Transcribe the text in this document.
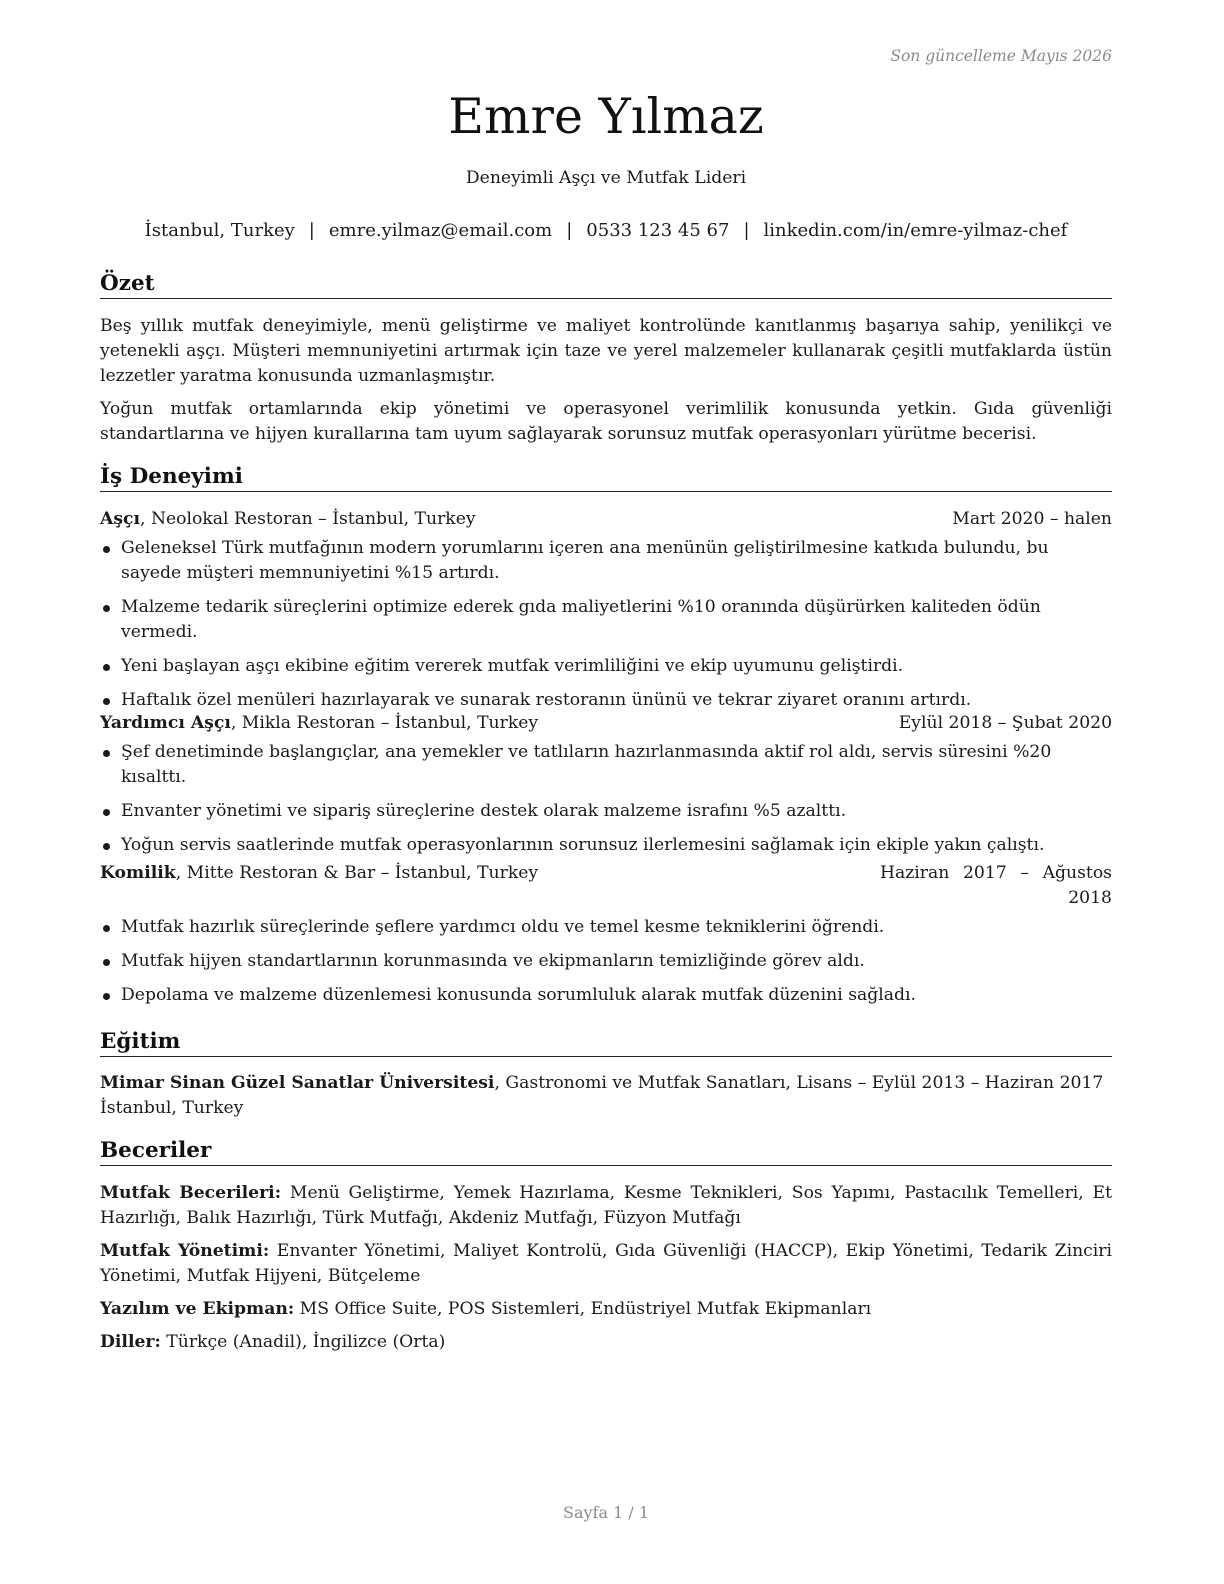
Son güncelleme Mayıs 2026
Emre Yılmaz
Deneyimli Aşçı ve Mutfak Lideri
İstanbul, Turkey | emre.yilmaz@email.com | 0533 123 45 67 | linkedin.com/in/emre-yilmaz-chef
Özet

Beş yıllık mutfak deneyimiyle, menü geliştirme ve maliyet kontrolünde kanıtlanmış başarıya sahip, yenilikçi ve yetenekli aşçı. Müşteri memnuniyetini artırmak için taze ve yerel malzemeler kullanarak çeşitli mutfaklarda üstün lezzetler yaratma konusunda uzmanlaşmıştır.

Yoğun mutfak ortamlarında ekip yönetimi ve operasyonel verimlilik konusunda yetkin. Gıda güvenliği standartlarına ve hijyen kurallarına tam uyum sağlayarak sorunsuz mutfak operasyonları yürütme becerisi.

İş Deneyimi
Aşçı, Neolokal Restoran – İstanbul, Turkey	Mart 2020 – halen
Geleneksel Türk mutfağının modern yorumlarını içeren ana menünün geliştirilmesine katkıda bulundu, bu sayede müşteri memnuniyetini %15 artırdı.
Malzeme tedarik süreçlerini optimize ederek gıda maliyetlerini %10 oranında düşürürken kaliteden ödün vermedi.
Yeni başlayan aşçı ekibine eğitim vererek mutfak verimliliğini ve ekip uyumunu geliştirdi.
Haftalık özel menüleri hazırlayarak ve sunarak restoranın ününü ve tekrar ziyaret oranını artırdı.
Yardımcı Aşçı, Mikla Restoran – İstanbul, Turkey	Eylül 2018 – Şubat 2020
Şef denetiminde başlangıçlar, ana yemekler ve tatlıların hazırlanmasında aktif rol aldı, servis süresini %20 kısalttı.
Envanter yönetimi ve sipariş süreçlerine destek olarak malzeme israfını %5 azalttı.
Yoğun servis saatlerinde mutfak operasyonlarının sorunsuz ilerlemesini sağlamak için ekiple yakın çalıştı.
Komilik, Mitte Restoran & Bar – İstanbul, Turkey	Haziran 2017 – Ağustos 2018
Mutfak hazırlık süreçlerinde şeflere yardımcı oldu ve temel kesme tekniklerini öğrendi.
Mutfak hijyen standartlarının korunmasında ve ekipmanların temizliğinde görev aldı.
Depolama ve malzeme düzenlemesi konusunda sorumluluk alarak mutfak düzenini sağladı.
Eğitim

Mimar Sinan Güzel Sanatlar Üniversitesi, Gastronomi ve Mutfak Sanatları, Lisans – Eylül 2013 – Haziran 2017
İstanbul, Turkey

Beceriler

Mutfak Becerileri: Menü Geliştirme, Yemek Hazırlama, Kesme Teknikleri, Sos Yapımı, Pastacılık Temelleri, Et Hazırlığı, Balık Hazırlığı, Türk Mutfağı, Akdeniz Mutfağı, Füzyon Mutfağı

Mutfak Yönetimi: Envanter Yönetimi, Maliyet Kontrolü, Gıda Güvenliği (HACCP), Ekip Yönetimi, Tedarik Zinciri Yönetimi, Mutfak Hijyeni, Bütçeleme

Yazılım ve Ekipman: MS Office Suite, POS Sistemleri, Endüstriyel Mutfak Ekipmanları

Diller: Türkçe (Anadil), İngilizce (Orta)

Sayfa 1 / 1
